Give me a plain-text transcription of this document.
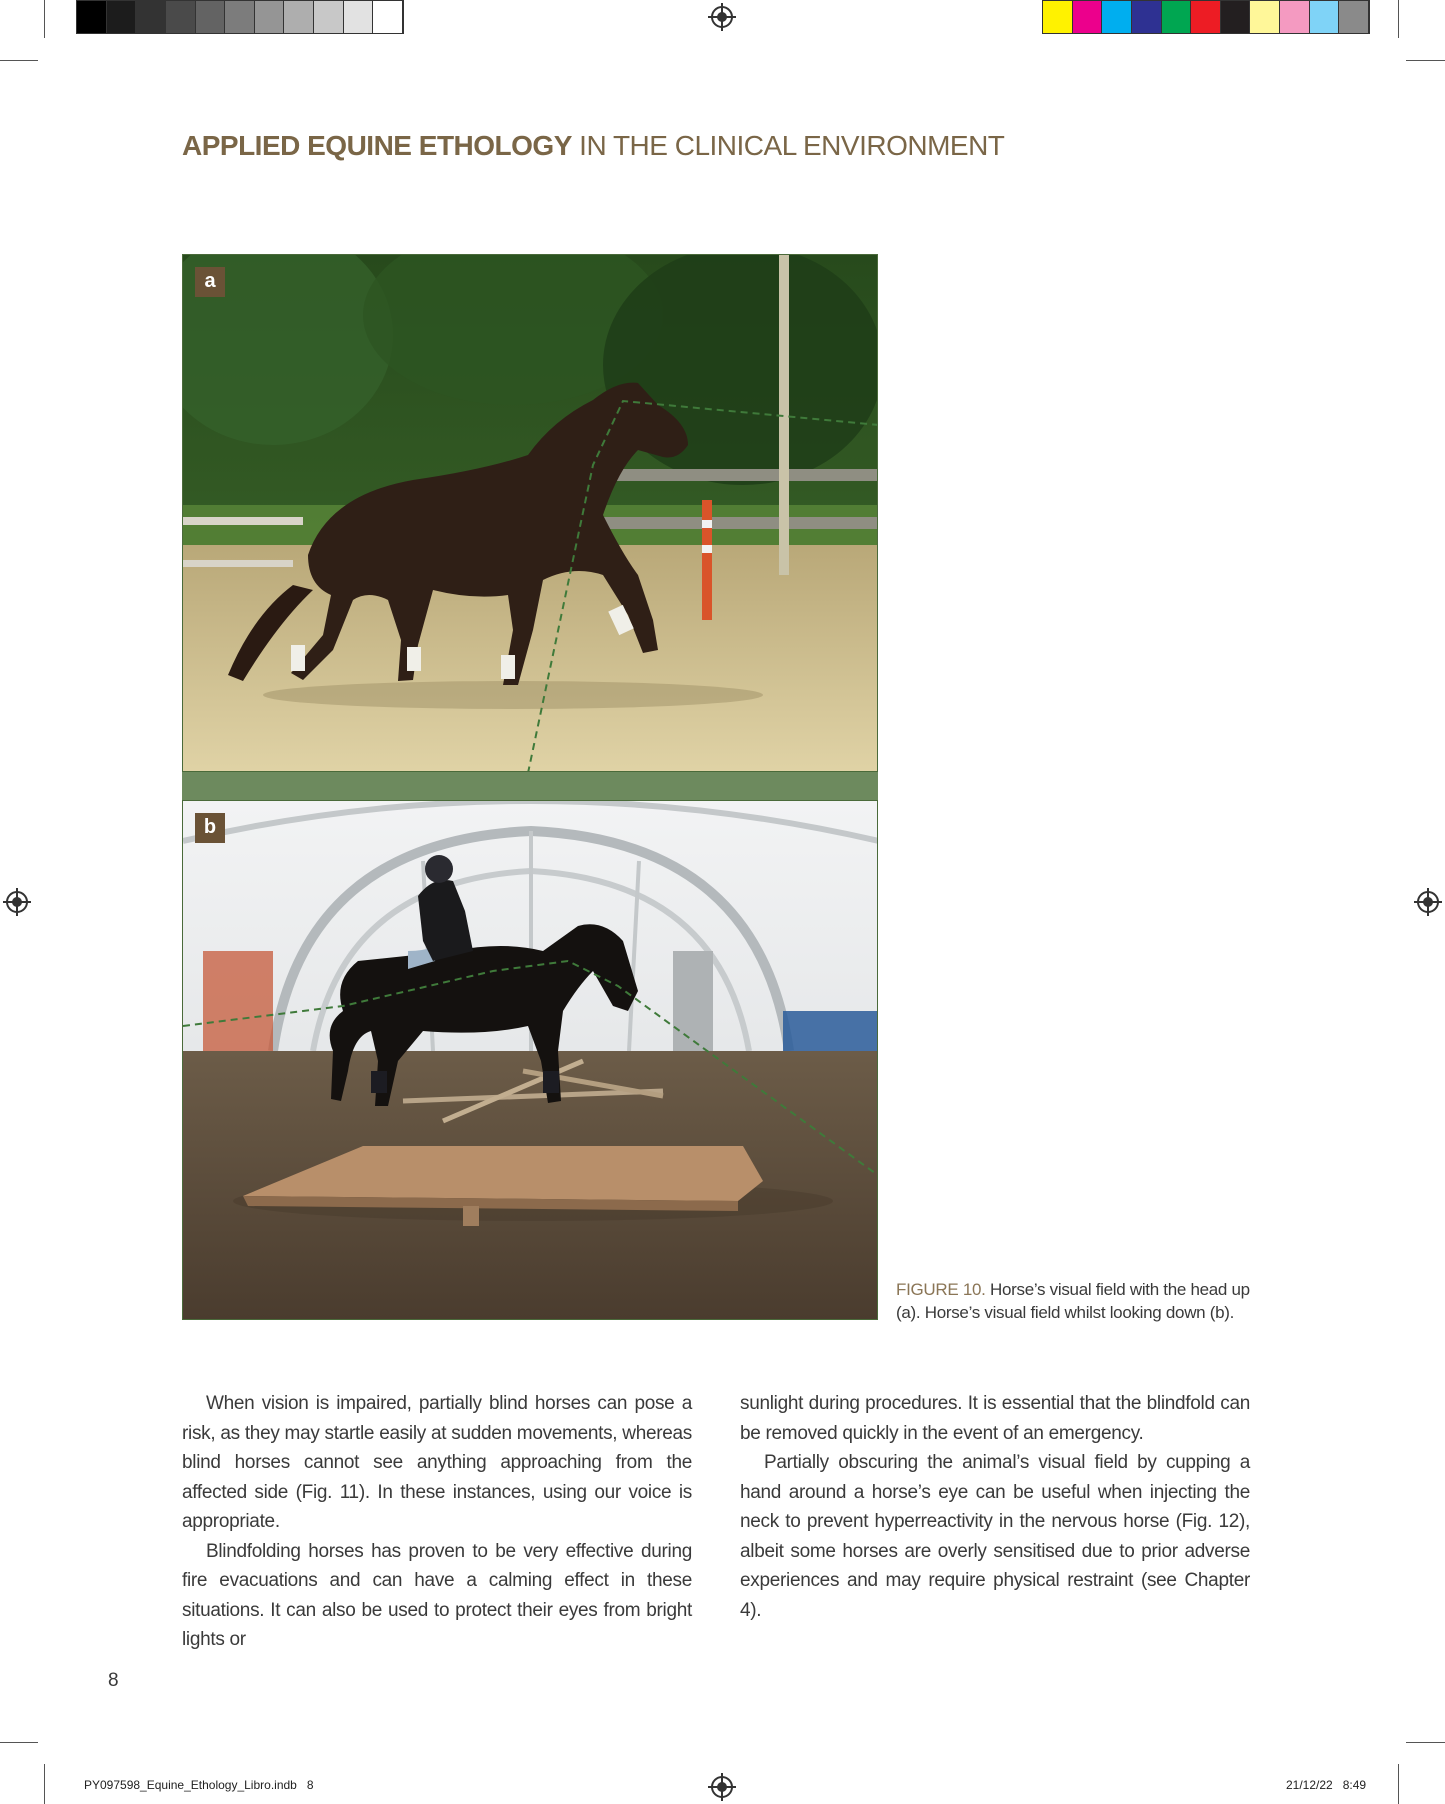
APPLIED EQUINE ETHOLOGY IN THE CLINICAL ENVIRONMENT
a
b
FIGURE 10. Horse’s visual field with the head up (a). Horse’s visual field whilst looking down (b).

When vision is impaired, partially blind horses can pose a risk, as they may startle easily at sudden movements, whereas blind horses cannot see anything approaching from the affected side (Fig. 11). In these instances, using our voice is appropriate.

Blindfolding horses has proven to be very effective during fire evacuations and can have a calming effect in these situations. It can also be used to protect their eyes from bright lights or

sunlight during procedures. It is essential that the blindfold can be removed quickly in the event of an emergency.

Partially obscuring the animal’s visual field by cupping a hand around a horse’s eye can be useful when injecting the neck to prevent hyperreactivity in the nervous horse (Fig. 12), albeit some horses are overly sensitised due to prior adverse experiences and may require physical restraint (see Chapter 4).

8
PY097598_Equine_Ethology_Libro.indb   8	21/12/22   8:49
